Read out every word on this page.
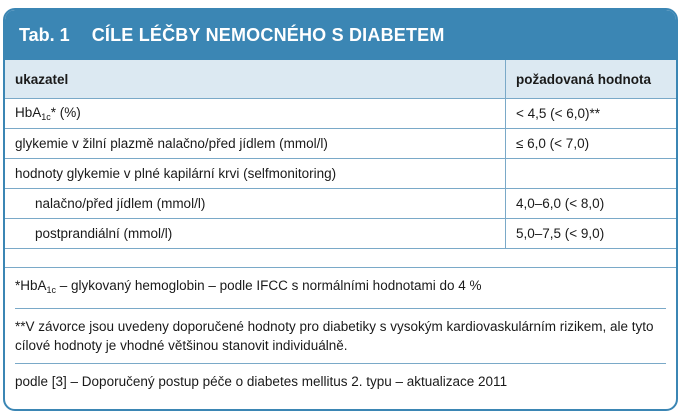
Tab. 1 CÍLE LÉČBY NEMOCNÉHO S DIABETEM
ukazatel	požadovaná hodnota
HbA$_{1c}$* (%)	< 4,5 (< 6,0)**
glykemie v žilní plazmě nalačno/před jídlem (mmol/l)	≤ 6,0 (< 7,0)
hodnoty glykemie v plné kapilární krvi (selfmonitoring)	
nalačno/před jídlem (mmol/l)	4,0–6,0 (< 8,0)
postprandiální (mmol/l)	5,0–7,5 (< 9,0)
*HbA$_{1c}$ – glykovaný hemoglobin – podle IFCC s normálními hodnotami do 4 %
**V závorce jsou uvedeny doporučené hodnoty pro diabetiky s vysokým kardiovaskulárním rizikem, ale tyto cílové hodnoty je vhodné většinou stanovit individuálně.
podle [3] – Doporučený postup péče o diabetes mellitus 2. typu – aktualizace 2011
